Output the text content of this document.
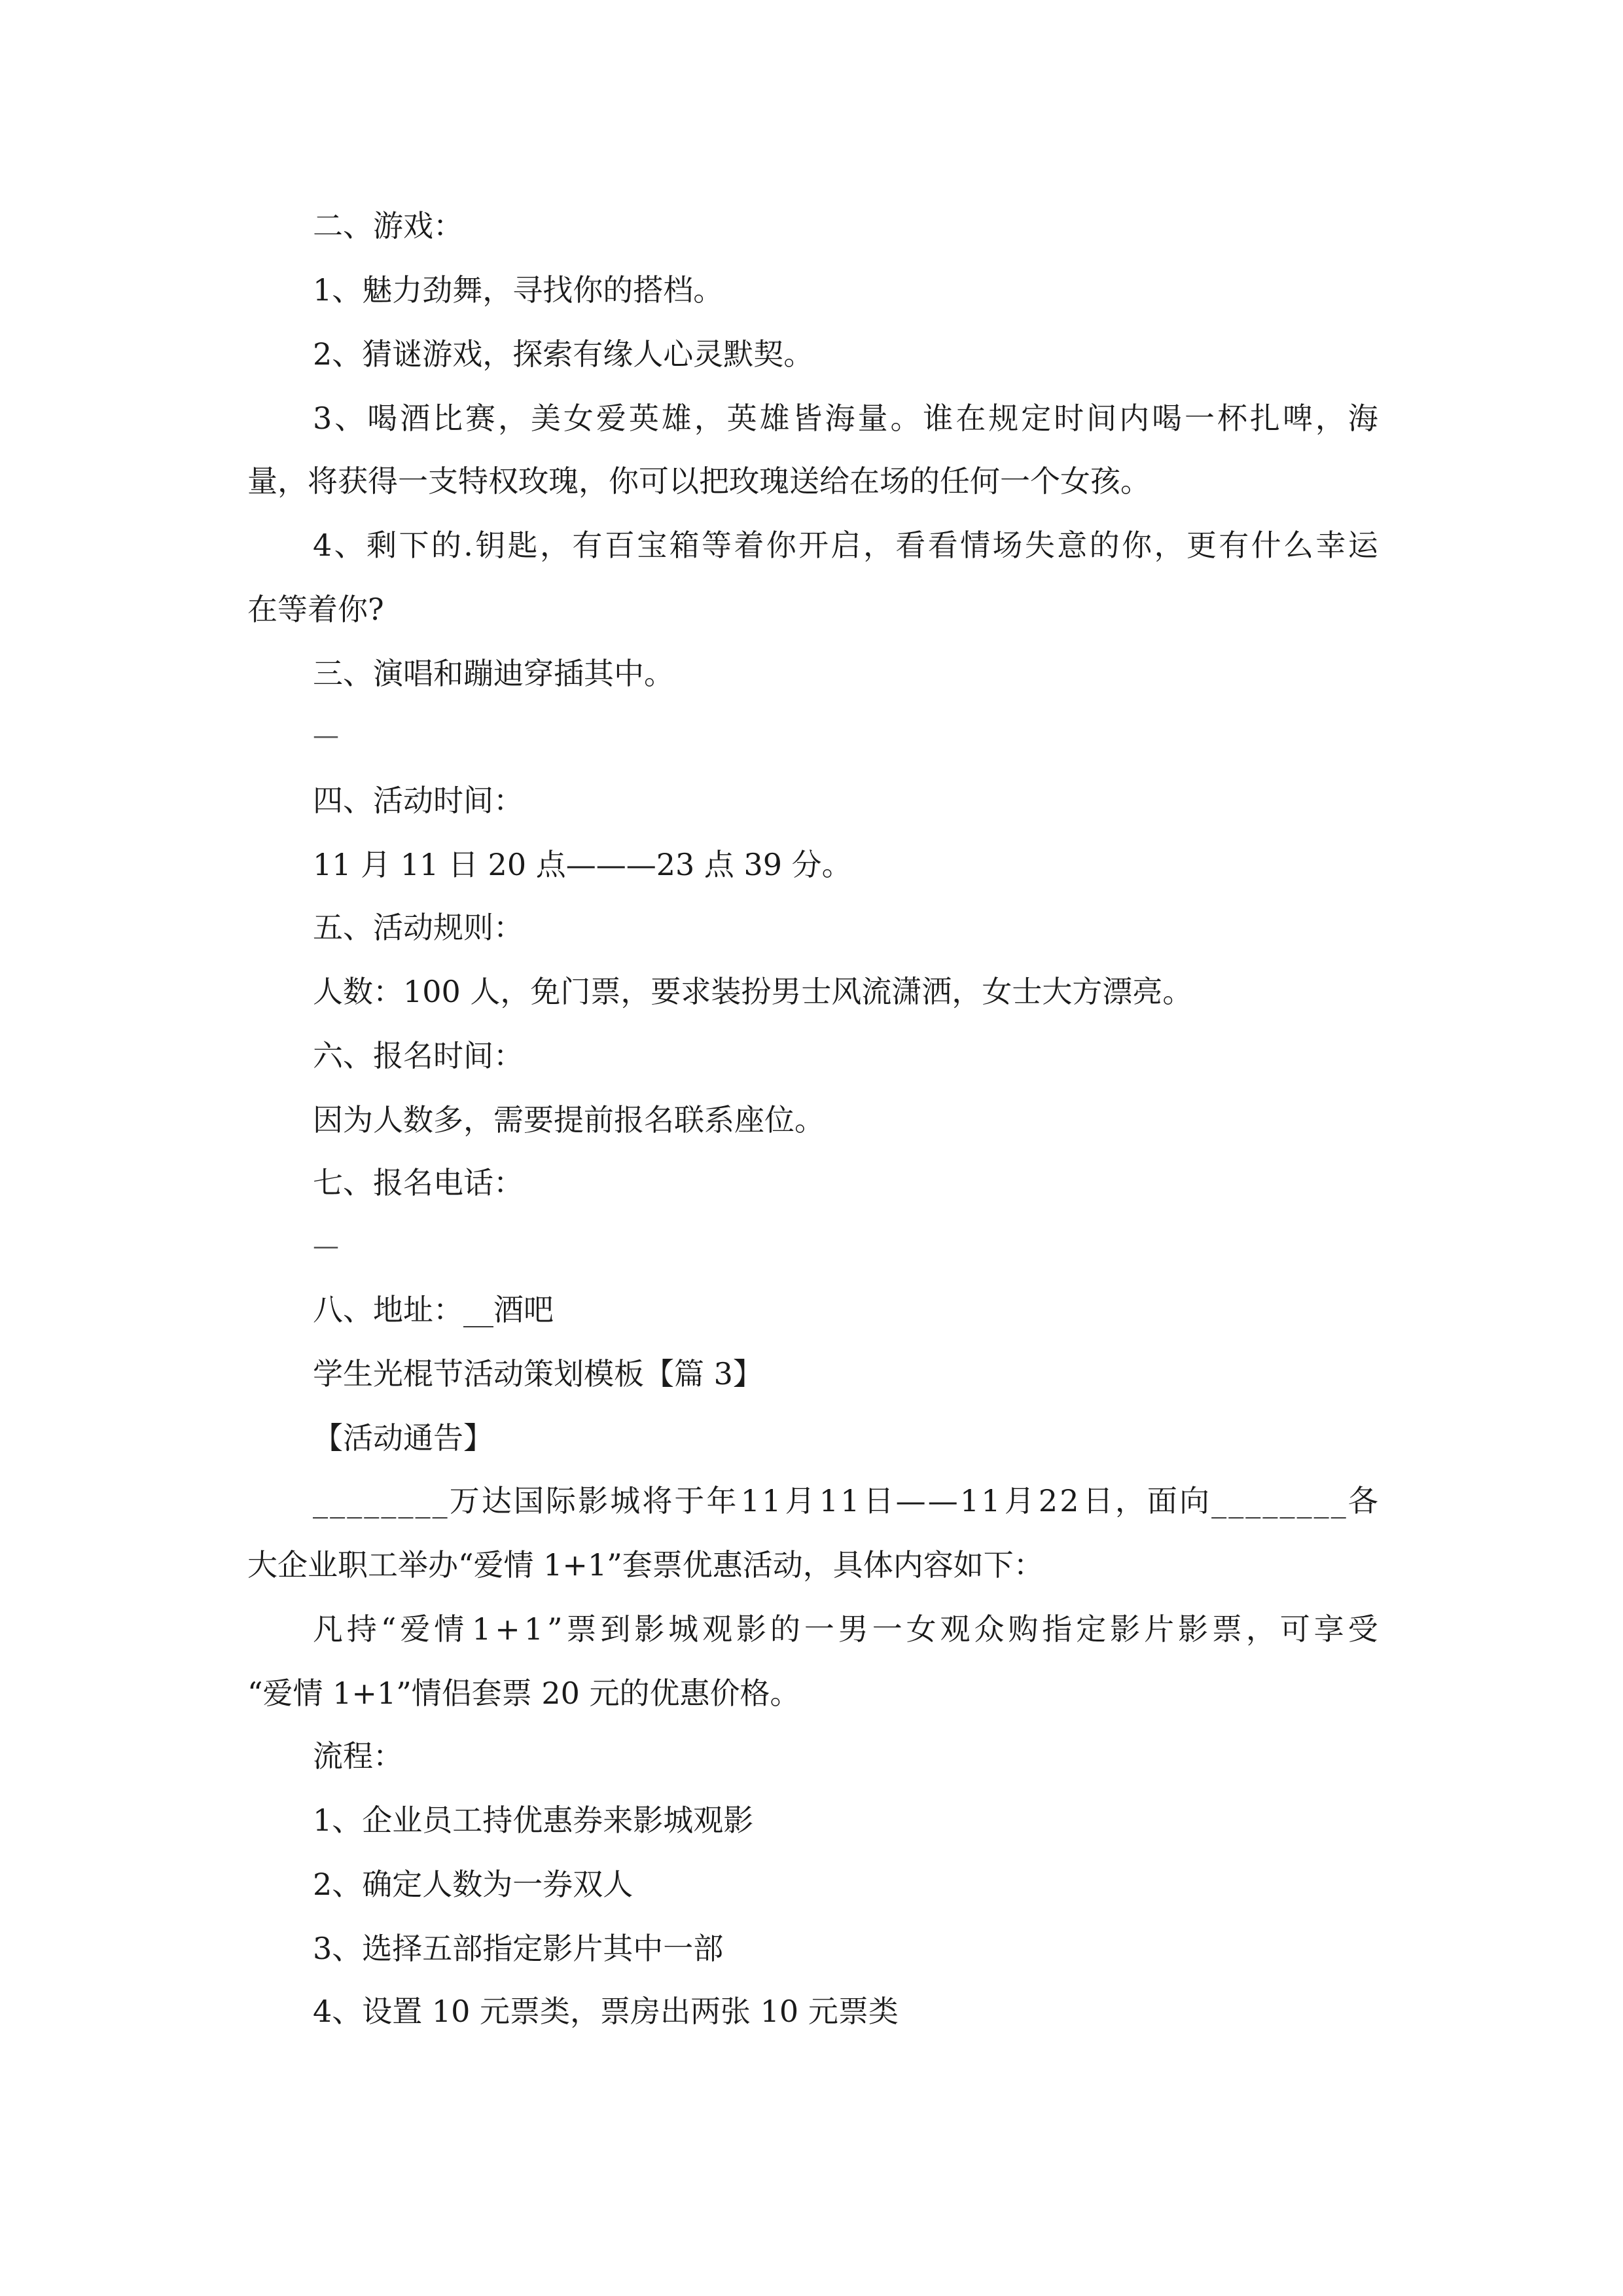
二、游戏：

1、魅力劲舞，寻找你的搭档。

2、猜谜游戏，探索有缘人心灵默契。

3 、 喝 酒 比 赛 ， 美 女 爱 英 雄 ， 英 雄 皆 海 量 。 谁 在 规 定 时 间 内 喝 一 杯 扎 啤 ， 海

量，将获得一支特权玫瑰，你可以把玫瑰送给在场的任何一个女孩。

4 、 剩 下 的 . 钥 匙 ， 有 百 宝 箱 等 着 你 开 启 ， 看 看 情 场 失 意 的 你 ， 更 有 什 么 幸 运

在等着你?

三、演唱和蹦迪穿插其中。

—

四、活动时间：

11 月 11 日 20 点———23 点 39 分。

五、活动规则：

人数：100 人，免门票，要求装扮男士风流潇洒，女士大方漂亮。

六、报名时间：

因为人数多，需要提前报名联系座位。

七、报名电话：

—

八、地址：__酒吧

学生光棍节活动策划模板【篇 3】

【活动通告】

_ _ _ _ _ _ _ _ 万 达 国 际 影 城 将 于 年 1 1 月 1 1 日 — — 1 1 月 2 2 日 ， 面 向 _ _ _ _ _ _ _ _ 各

大企业职工举办“爱情 1+1”套票优惠活动，具体内容如下：

凡 持 “ 爱 情 1 + 1 ” 票 到 影 城 观 影 的 一 男 一 女 观 众 购 指 定 影 片 影 票 ， 可 享 受

“爱情 1+1”情侣套票 20 元的优惠价格。

流程：

1、企业员工持优惠券来影城观影

2、确定人数为一券双人

3、选择五部指定影片其中一部

4、设置 10 元票类，票房出两张 10 元票类
